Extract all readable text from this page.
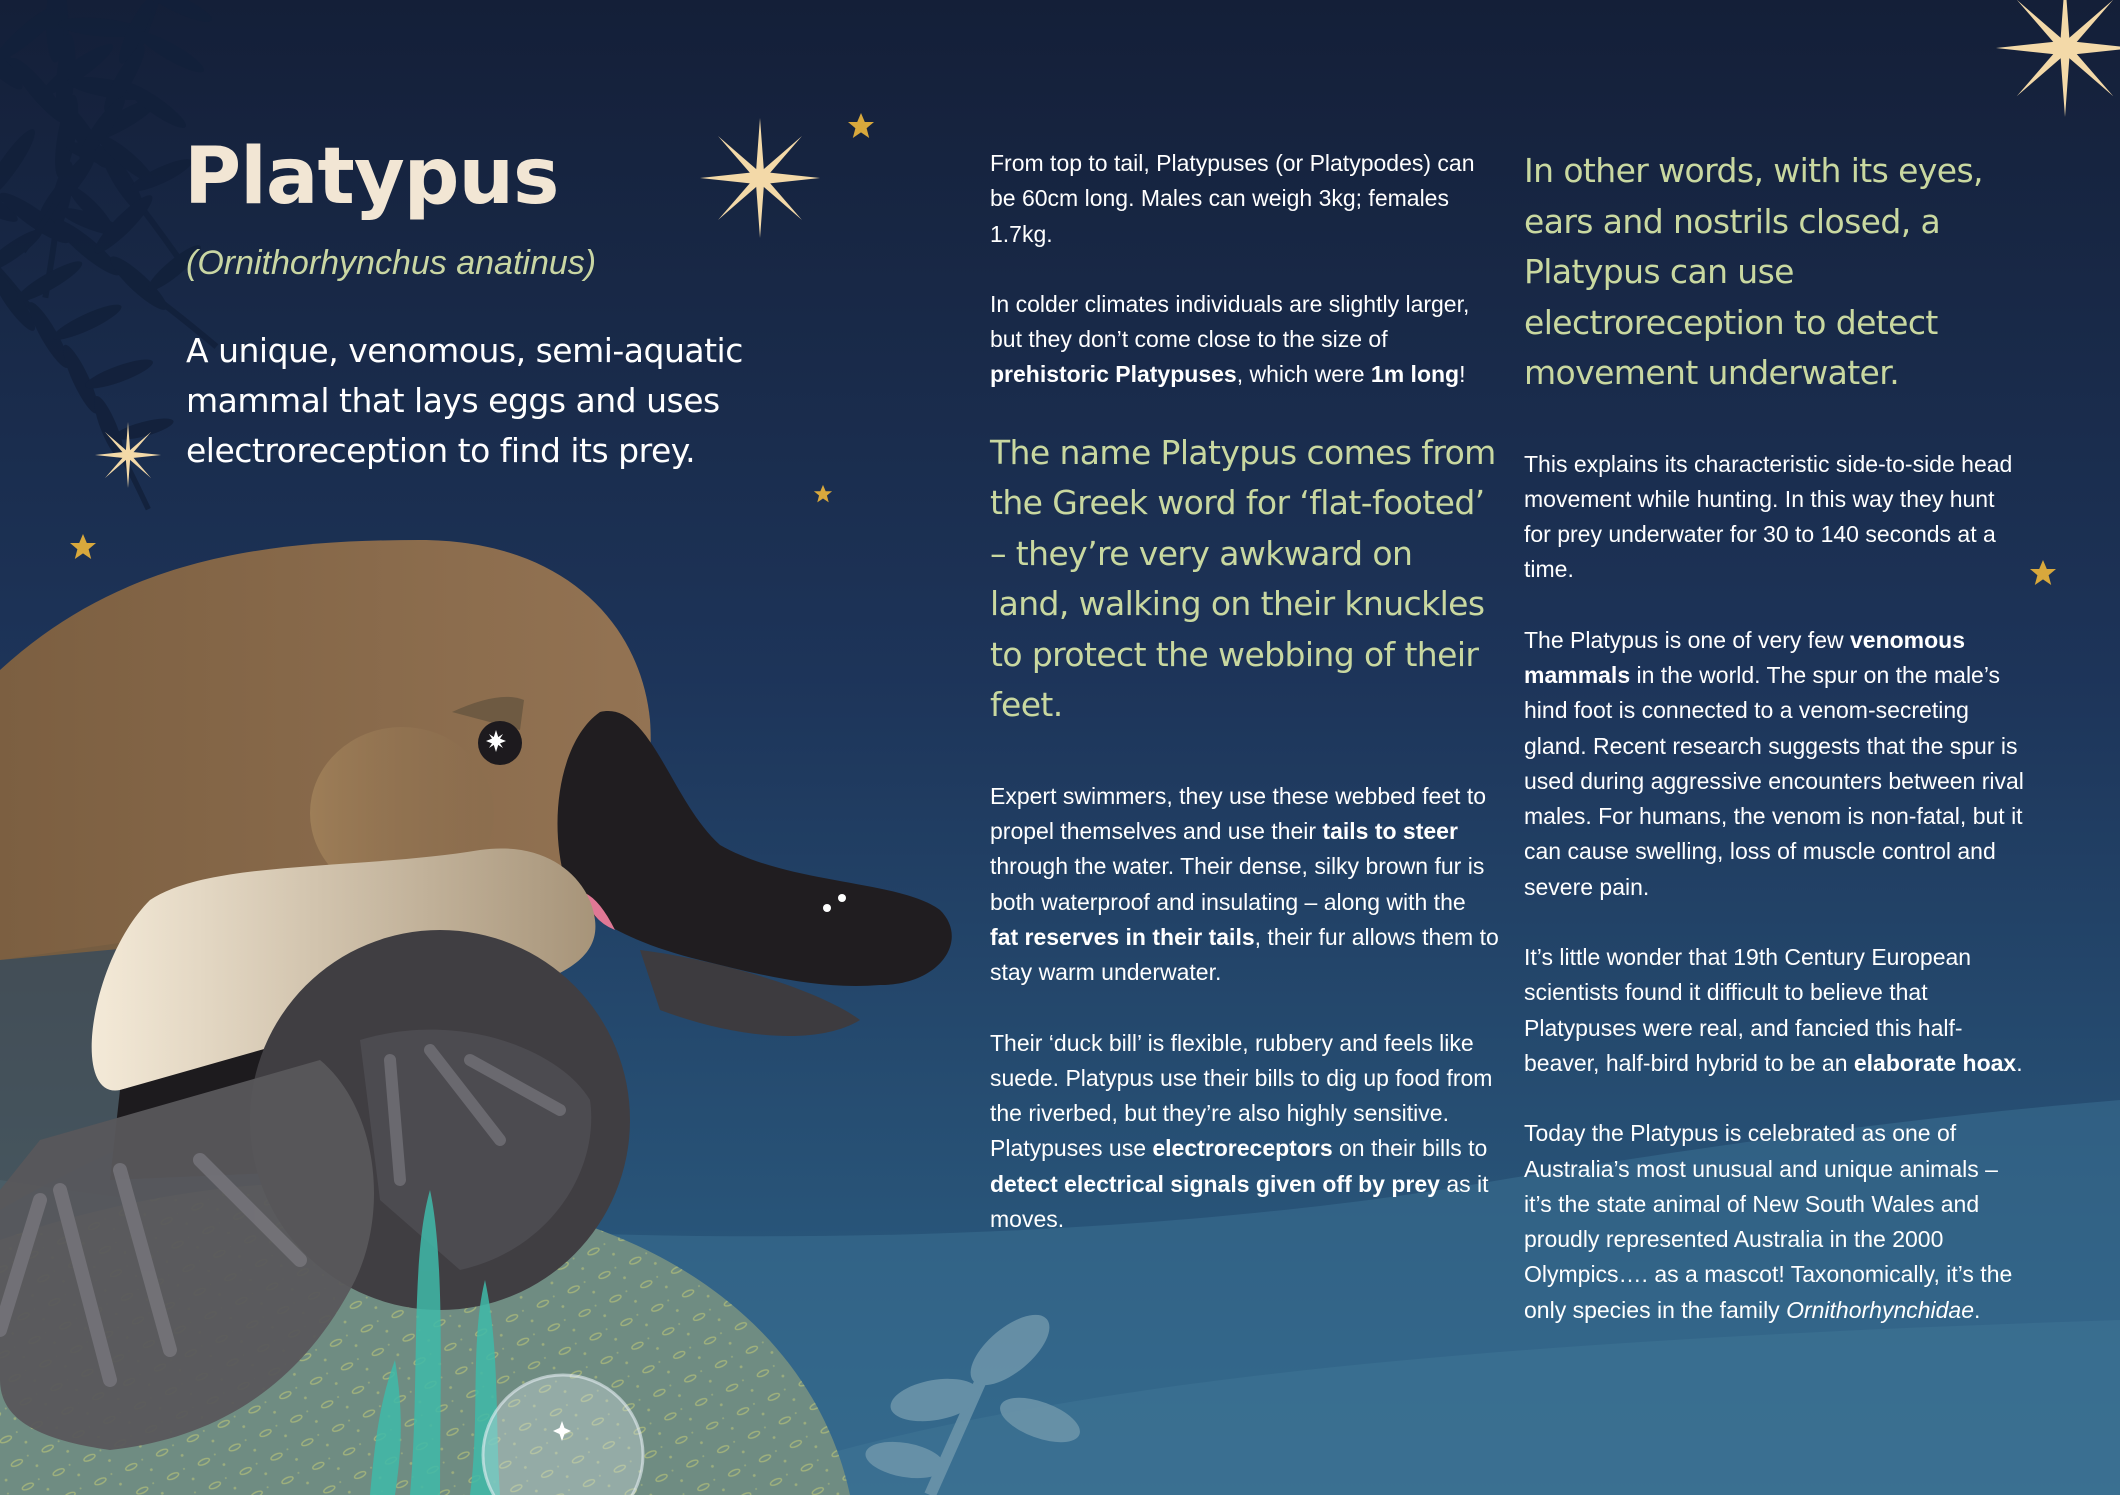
Platypus

(Ornithorhynchus anatinus)

A unique, venomous, semi-aquatic mammal that lays eggs and uses electroreception to find its prey.

From top to tail, Platypuses (or Platypodes) can be 60cm long. Males can weigh 3kg; females 1.7kg.

In colder climates individuals are slightly larger, but they don’t come close to the size of prehistoric Platypuses, which were 1m long!

The name Platypus comes from the Greek word for ‘flat-footed’ – they’re very awkward on land, walking on their knuckles to protect the webbing of their feet.

Expert swimmers, they use these webbed feet to propel themselves and use their tails to steer through the water. Their dense, silky brown fur is both waterproof and insulating – along with the fat reserves in their tails, their fur allows them to stay warm underwater.

Their ‘duck bill’ is flexible, rubbery and feels like suede. Platypus use their bills to dig up food from the riverbed, but they’re also highly sensitive. Platypuses use electroreceptors on their bills to detect electrical signals given off by prey as it moves.

In other words, with its eyes, ears and nostrils closed, a Platypus can use electroreception to detect movement underwater.

This explains its characteristic side-to-side head movement while hunting. In this way they hunt for prey underwater for 30 to 140 seconds at a time.

The Platypus is one of very few venomous mammals in the world. The spur on the male’s hind foot is connected to a venom-secreting gland. Recent research suggests that the spur is used during aggressive encounters between rival males. For humans, the venom is non-fatal, but it can cause swelling, loss of muscle control and severe pain.

It’s little wonder that 19th Century European scientists found it difficult to believe that Platypuses were real, and fancied this half-beaver, half-bird hybrid to be an elaborate hoax.

Today the Platypus is celebrated as one of Australia’s most unusual and unique animals – it’s the state animal of New South Wales and proudly represented Australia in the 2000 Olympics…. as a mascot! Taxonomically, it’s the only species in the family Ornithorhynchidae.
